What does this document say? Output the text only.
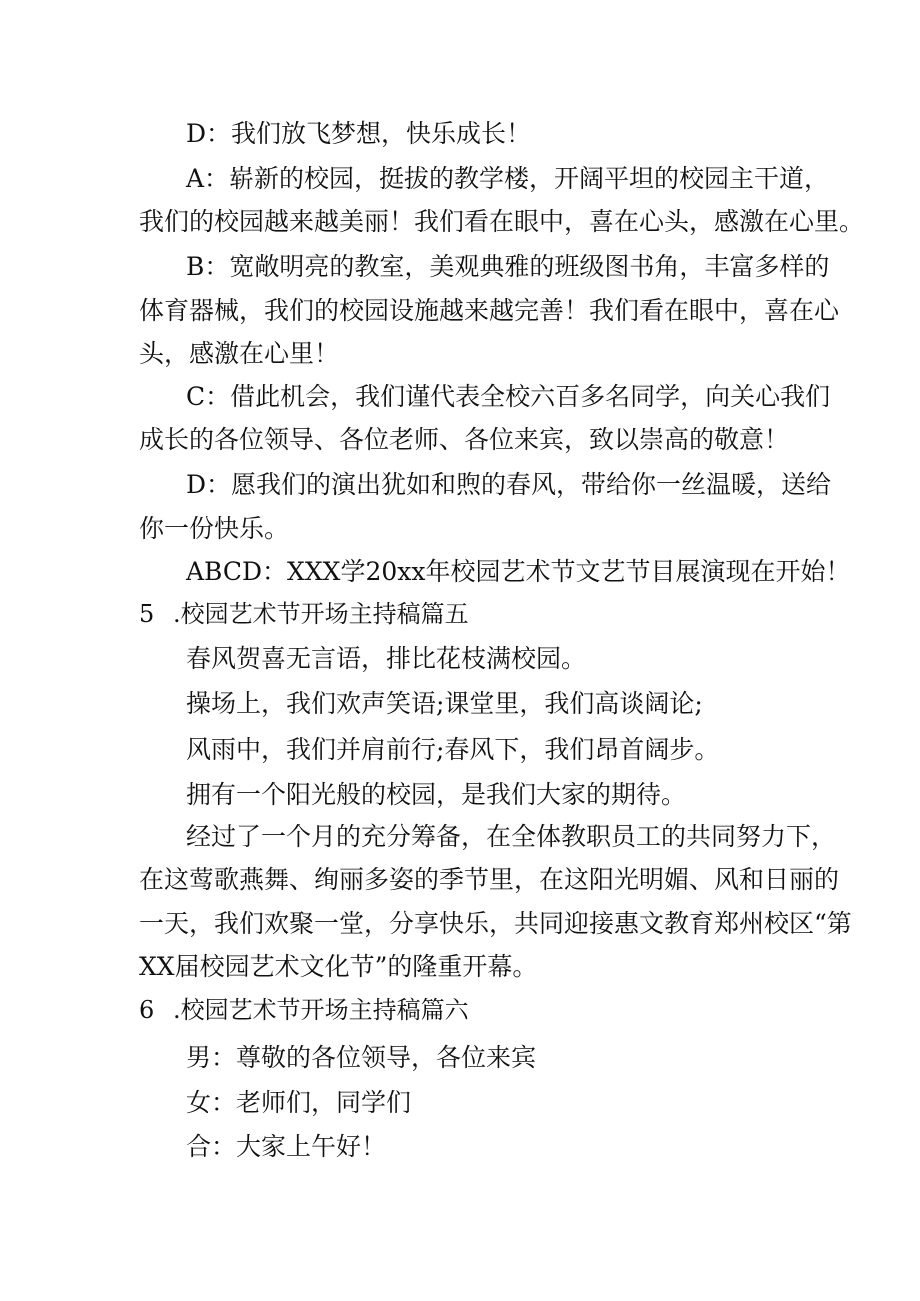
D：我们放飞梦想，快乐成长！
A：崭新的校园，挺拔的教学楼，开阔平坦的校园主干道，
我们的校园越来越美丽！我们看在眼中，喜在心头，感激在心里。
B：宽敞明亮的教室，美观典雅的班级图书角，丰富多样的
体育器械，我们的校园设施越来越完善！我们看在眼中，喜在心
头，感激在心里！
C：借此机会，我们谨代表全校六百多名同学，向关心我们
成长的各位领导、各位老师、各位来宾，致以崇高的敬意！
D：愿我们的演出犹如和煦的春风，带给你一丝温暖，送给
你一份快乐。
ABCD：XXX学20xx年校园艺术节文艺节目展演现在开始！
5 .校园艺术节开场主持稿篇五
春风贺喜无言语，排比花枝满校园。
操场上，我们欢声笑语;课堂里，我们高谈阔论;
风雨中，我们并肩前行;春风下，我们昂首阔步。
拥有一个阳光般的校园，是我们大家的期待。
经过了一个月的充分筹备，在全体教职员工的共同努力下，
在这莺歌燕舞、绚丽多姿的季节里，在这阳光明媚、风和日丽的
一天，我们欢聚一堂，分享快乐，共同迎接惠文教育郑州校区“第
XX届校园艺术文化节”的隆重开幕。
6 .校园艺术节开场主持稿篇六
男：尊敬的各位领导，各位来宾
女：老师们，同学们
合：大家上午好！
